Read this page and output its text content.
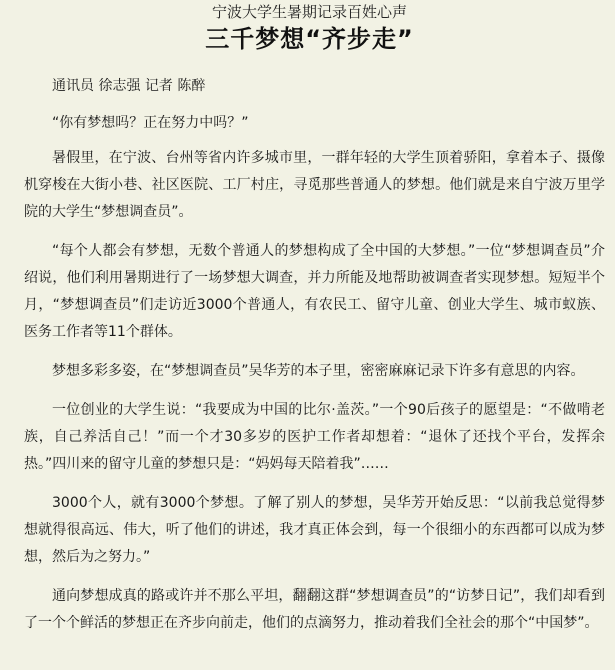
宁波大学生暑期记录百姓心声
三千梦想“齐步走”
通讯员 徐志强 记者 陈醉

“你有梦想吗？正在努力中吗？”

暑假里，在宁波、台州等省内许多城市里，一群年轻的大学生顶着骄阳，拿着本子、摄像机穿梭在大街小巷、社区医院、工厂村庄，寻觅那些普通人的梦想。他们就是来自宁波万里学院的大学生“梦想调查员”。

“每个人都会有梦想，无数个普通人的梦想构成了全中国的大梦想。”一位“梦想调查员”介绍说，他们利用暑期进行了一场梦想大调查，并力所能及地帮助被调查者实现梦想。短短半个月，“梦想调查员”们走访近3000个普通人，有农民工、留守儿童、创业大学生、城市蚁族、医务工作者等11个群体。

梦想多彩多姿，在“梦想调查员”吴华芳的本子里，密密麻麻记录下许多有意思的内容。

一位创业的大学生说：“我要成为中国的比尔·盖茨。”一个90后孩子的愿望是：“不做啃老族，自己养活自己！”而一个才30多岁的医护工作者却想着：“退休了还找个平台，发挥余热。”四川来的留守儿童的梦想只是：“妈妈每天陪着我”……

3000个人，就有3000个梦想。了解了别人的梦想，吴华芳开始反思：“以前我总觉得梦想就得很高远、伟大，听了他们的讲述，我才真正体会到，每一个很细小的东西都可以成为梦想，然后为之努力。”

通向梦想成真的路或许并不那么平坦，翻翻这群“梦想调查员”的“访梦日记”，我们却看到了一个个鲜活的梦想正在齐步向前走，他们的点滴努力，推动着我们全社会的那个“中国梦”。
